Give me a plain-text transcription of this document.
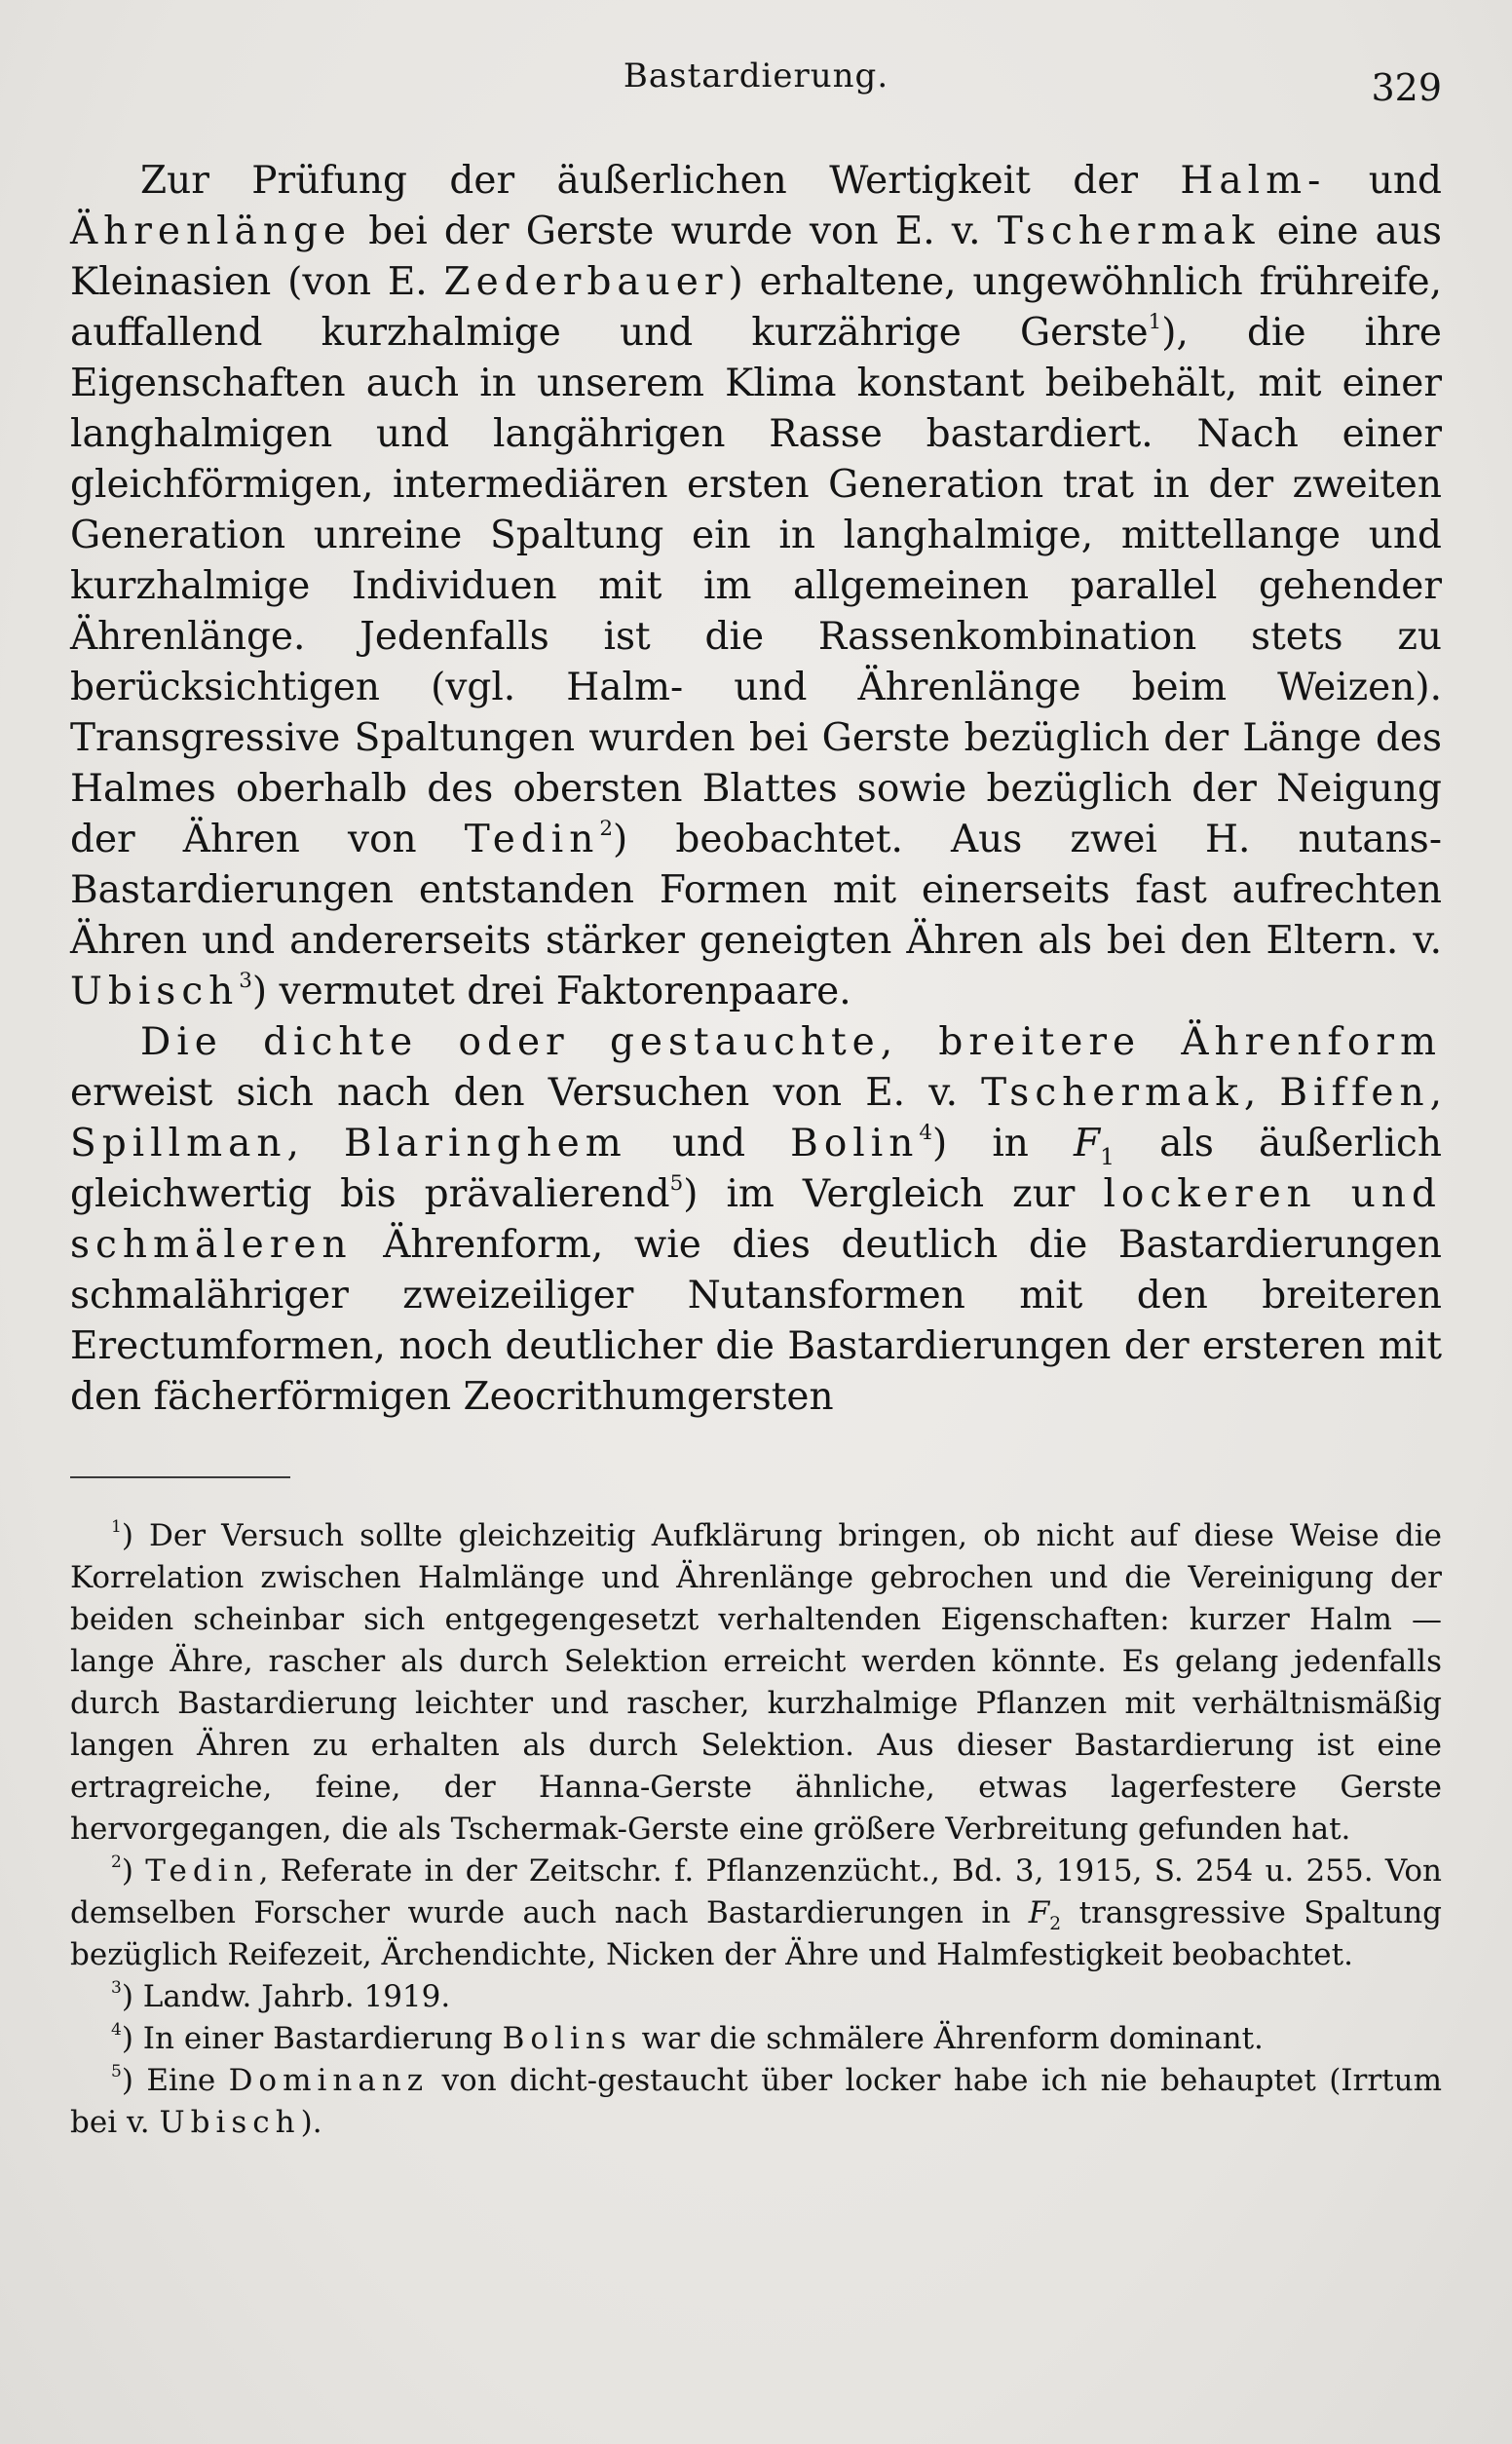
Bastardierung.	329

Zur Prüfung der äußerlichen Wertigkeit der Halm- und Ährenlänge bei der Gerste wurde von E. v. Tschermak eine aus Kleinasien (von E. Zederbauer) erhaltene, ungewöhnlich frühreife, auffallend kurzhalmige und kurzährige Gerste$^1$), die ihre Eigenschaften auch in unserem Klima konstant beibehält, mit einer langhalmigen und langährigen Rasse bastardiert. Nach einer gleichförmigen, intermediären ersten Generation trat in der zweiten Generation unreine Spaltung ein in langhalmige, mittellange und kurzhalmige Individuen mit im allgemeinen parallel gehender Ährenlänge. Jedenfalls ist die Rassenkombination stets zu berücksichtigen (vgl. Halm- und Ährenlänge beim Weizen). Transgressive Spaltungen wurden bei Gerste bezüglich der Länge des Halmes oberhalb des obersten Blattes sowie bezüglich der Neigung der Ähren von Tedin$^2$) beobachtet. Aus zwei H. nutans-Bastardierungen entstanden Formen mit einerseits fast aufrechten Ähren und andererseits stärker geneigten Ähren als bei den Eltern. v. Ubisch$^3$) vermutet drei Faktorenpaare.

Die dichte oder gestauchte, breitere Ährenform erweist sich nach den Versuchen von E. v. Tschermak, Biffen, Spillman, Blaringhem und Bolin$^4$) in $F_1$ als äußerlich gleichwertig bis prävalierend$^5$) im Vergleich zur lockeren und schmäleren Ährenform, wie dies deutlich die Bastardierungen schmalähriger zweizeiliger Nutansformen mit den breiteren Erectumformen, noch deutlicher die Bastardierungen der ersteren mit den fächerförmigen Zeocrithumgersten

$^1$) Der Versuch sollte gleichzeitig Aufklärung bringen, ob nicht auf diese Weise die Korrelation zwischen Halmlänge und Ährenlänge gebrochen und die Vereinigung der beiden scheinbar sich entgegengesetzt verhaltenden Eigenschaften: kurzer Halm — lange Ähre, rascher als durch Selektion erreicht werden könnte. Es gelang jedenfalls durch Bastardierung leichter und rascher, kurzhalmige Pflanzen mit verhältnismäßig langen Ähren zu erhalten als durch Selektion. Aus dieser Bastardierung ist eine ertragreiche, feine, der Hanna-Gerste ähnliche, etwas lagerfestere Gerste hervorgegangen, die als Tschermak-Gerste eine größere Verbreitung gefunden hat.

$^2$) Tedin, Referate in der Zeitschr. f. Pflanzenzücht., Bd. 3, 1915, S. 254 u. 255. Von demselben Forscher wurde auch nach Bastardierungen in $F_2$ transgressive Spaltung bezüglich Reifezeit, Ärchendichte, Nicken der Ähre und Halmfestigkeit beobachtet.

$^3$) Landw. Jahrb. 1919.

$^4$) In einer Bastardierung Bolins war die schmälere Ährenform dominant.

$^5$) Eine Dominanz von dicht-gestaucht über locker habe ich nie behauptet (Irrtum bei v. Ubisch).
